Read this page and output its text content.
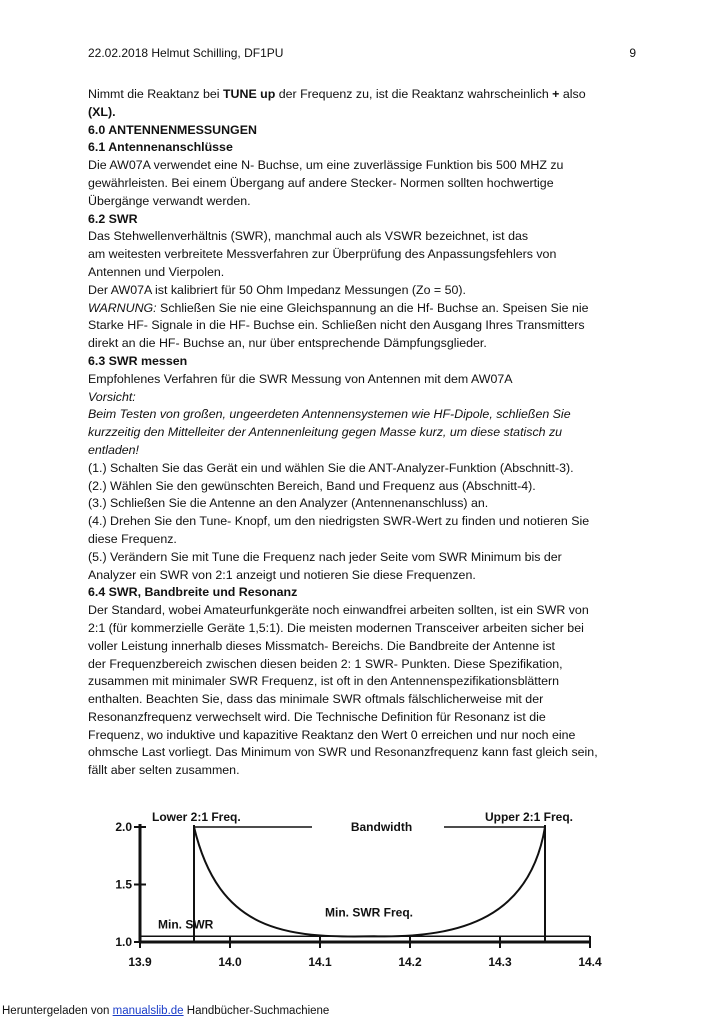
22.02.2018 Helmut Schilling, DF1PU	9

Nimmt die Reaktanz bei TUNE up der Frequenz zu, ist die Reaktanz wahrscheinlich + also

(XL).

6.0 ANTENNENMESSUNGEN

6.1 Antennenanschlüsse

Die AW07A verwendet eine N- Buchse, um eine zuverlässige Funktion bis 500 MHZ zu

gewährleisten. Bei einem Übergang auf andere Stecker- Normen sollten hochwertige

Übergänge verwandt werden.

6.2 SWR

Das Stehwellenverhältnis (SWR), manchmal auch als VSWR bezeichnet, ist das

am weitesten verbreitete Messverfahren zur Überprüfung des Anpassungsfehlers von

Antennen und Vierpolen.

Der AW07A ist kalibriert für 50 Ohm Impedanz Messungen (Zo = 50).

WARNUNG: Schließen Sie nie eine Gleichspannung an die Hf- Buchse an. Speisen Sie nie

Starke HF- Signale in die HF- Buchse ein. Schließen nicht den Ausgang Ihres Transmitters

direkt an die HF- Buchse an, nur über entsprechende Dämpfungsglieder.

6.3 SWR messen

Empfohlenes Verfahren für die SWR Messung von Antennen mit dem AW07A

Vorsicht:

Beim Testen von großen, ungeerdeten Antennensystemen wie HF-Dipole, schließen Sie

kurzzeitig den Mittelleiter der Antennenleitung gegen Masse kurz, um diese statisch zu

entladen!

(1.) Schalten Sie das Gerät ein und wählen Sie die ANT-Analyzer-Funktion (Abschnitt-3).

(2.) Wählen Sie den gewünschten Bereich, Band und Frequenz aus (Abschnitt-4).

(3.) Schließen Sie die Antenne an den Analyzer (Antennenanschluss) an.

(4.) Drehen Sie den Tune- Knopf, um den niedrigsten SWR-Wert zu finden und notieren Sie

diese Frequenz.

(5.) Verändern Sie mit Tune die Frequenz nach jeder Seite vom SWR Minimum bis der

Analyzer ein SWR von 2:1 anzeigt und notieren Sie diese Frequenzen.

6.4 SWR, Bandbreite und Resonanz

Der Standard, wobei Amateurfunkgeräte noch einwandfrei arbeiten sollten, ist ein SWR von

2:1 (für kommerzielle Geräte 1,5:1). Die meisten modernen Transceiver arbeiten sicher bei

voller Leistung innerhalb dieses Missmatch- Bereichs. Die Bandbreite der Antenne ist

der Frequenzbereich zwischen diesen beiden 2: 1 SWR- Punkten. Diese Spezifikation,

zusammen mit minimaler SWR Frequenz, ist oft in den Antennenspezifikationsblättern

enthalten. Beachten Sie, dass das minimale SWR oftmals fälschlicherweise mit der

Resonanzfrequenz verwechselt wird. Die Technische Definition für Resonanz ist die

Frequenz, wo induktive und kapazitive Reaktanz den Wert 0 erreichen und nur noch eine

ohmsche Last vorliegt. Das Minimum von SWR und Resonanzfrequenz kann fast gleich sein,

fällt aber selten zusammen.

13.9	14.0	14.1	14.2	14.3	14.4
1.0
1.5
2.0
Lower 2:1 Freq.	Upper 2:1 Freq.
Bandwidth
Min. SWR
Min. SWR Freq.
Heruntergeladen von manualslib.de Handbücher-Suchmachiene
